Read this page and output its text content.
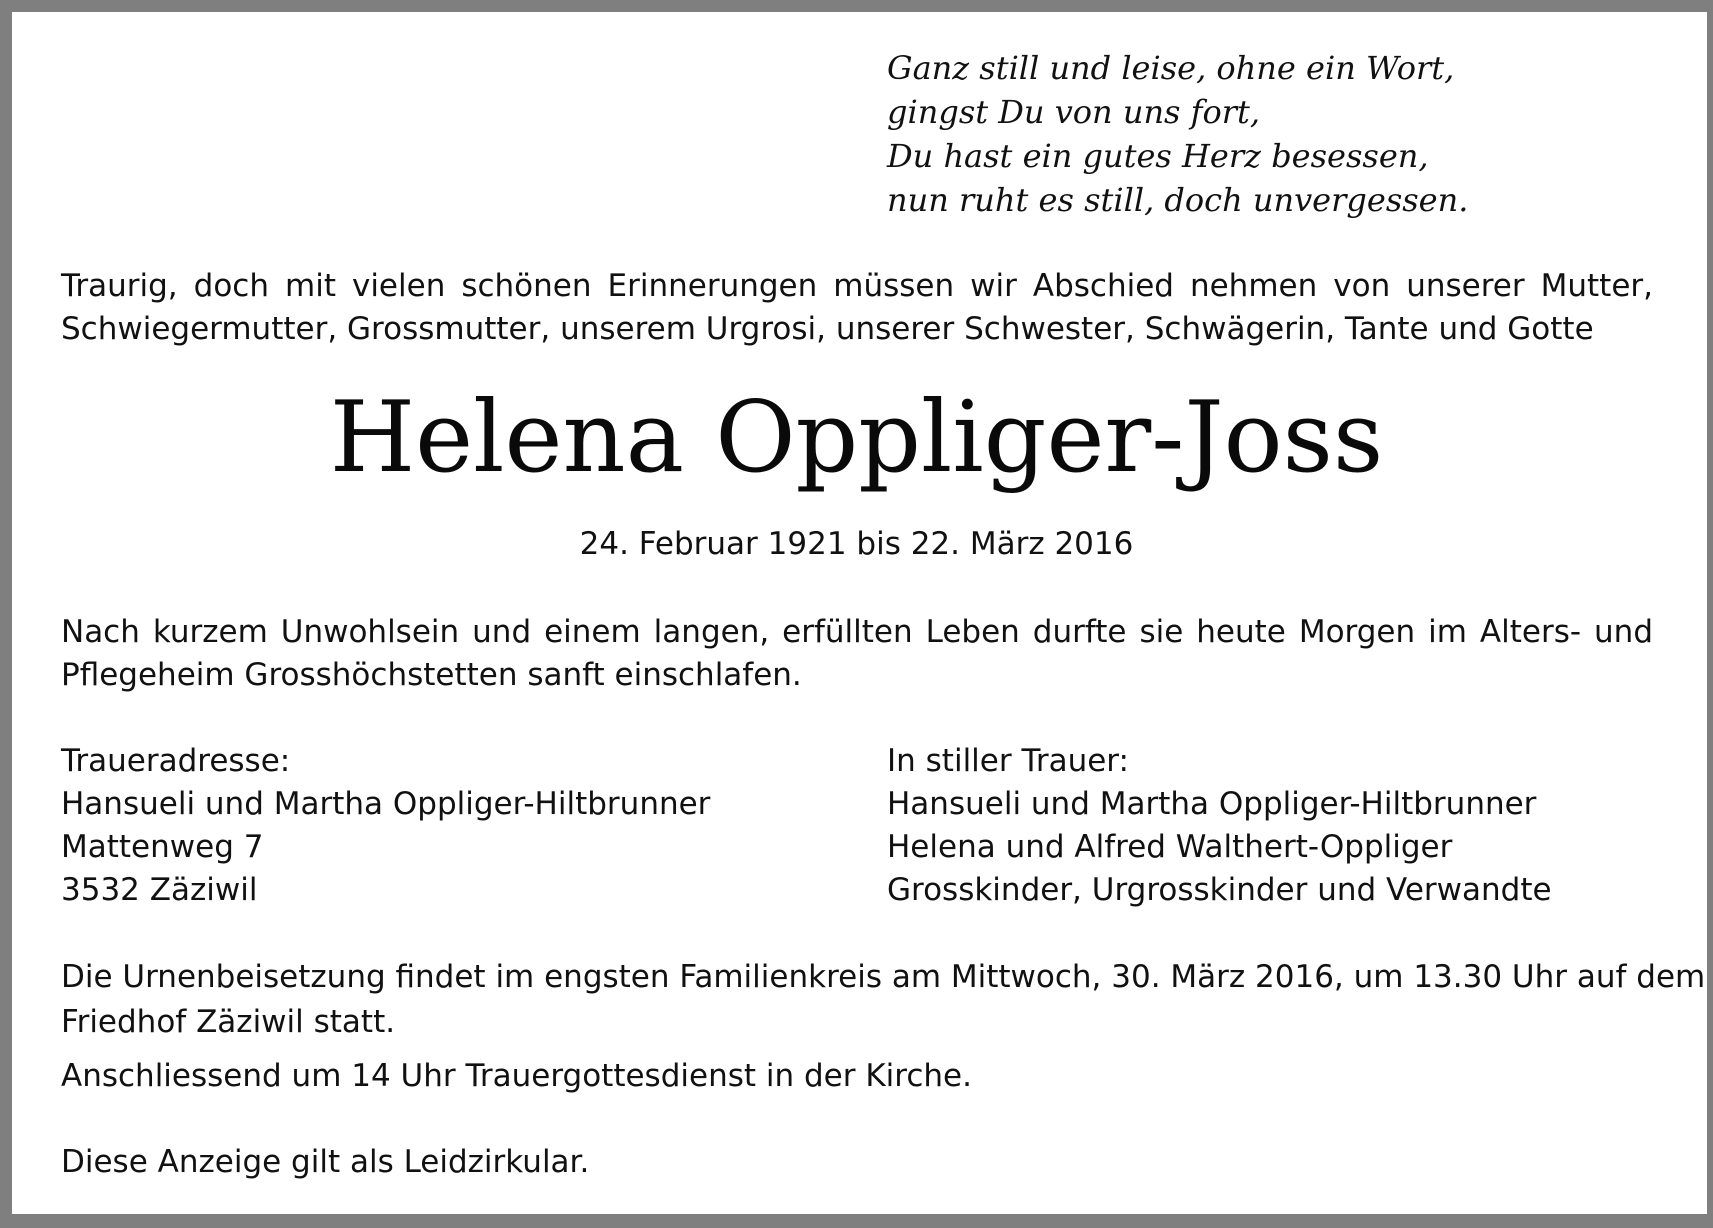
Ganz still und leise, ohne ein Wort,
gingst Du von uns fort,
Du hast ein gutes Herz besessen,
nun ruht es still, doch unvergessen.
Traurig, doch mit vielen schönen Erinnerungen müssen wir Abschied nehmen von unserer Mutter,
Schwiegermutter, Grossmutter, unserem Urgrosi, unserer Schwester, Schwägerin, Tante und Gotte
Helena Oppliger-Joss
24. Februar 1921 bis 22. März 2016
Nach kurzem Unwohlsein und einem langen, erfüllten Leben durfte sie heute Morgen im Alters- und
Pflegeheim Grosshöchstetten sanft einschlafen.
Traueradresse:
Hansueli und Martha Oppliger-Hiltbrunner
Mattenweg 7
3532 Zäziwil
In stiller Trauer:
Hansueli und Martha Oppliger-Hiltbrunner
Helena und Alfred Walthert-Oppliger
Grosskinder, Urgrosskinder und Verwandte
Die Urnenbeisetzung findet im engsten Familienkreis am Mittwoch, 30. März 2016, um 13.30 Uhr auf dem
Friedhof Zäziwil statt.
Anschliessend um 14 Uhr Trauergottesdienst in der Kirche.
Diese Anzeige gilt als Leidzirkular.
